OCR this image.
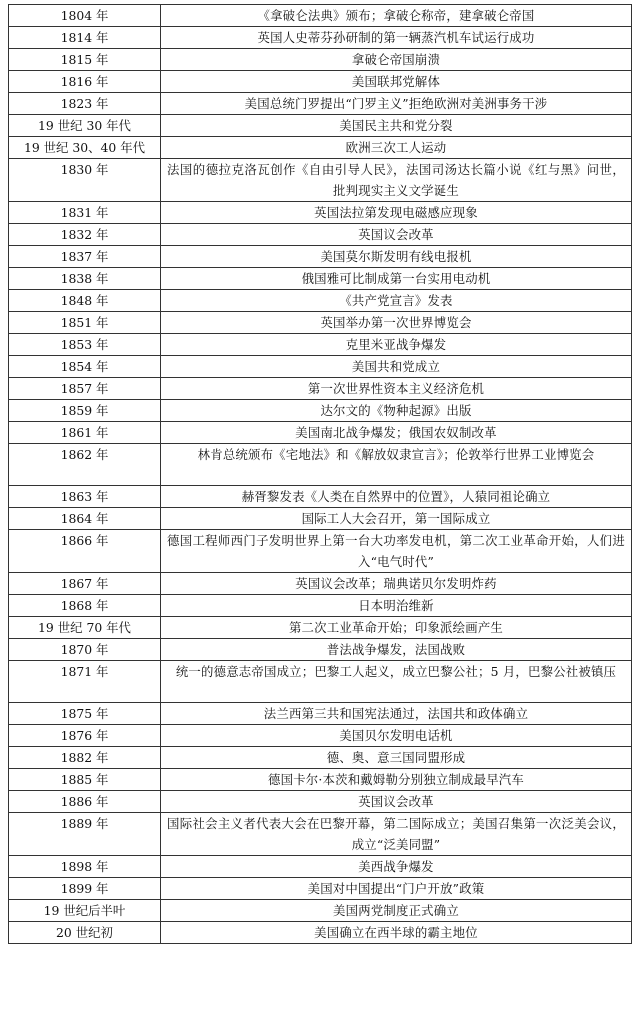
1804 年	《拿破仑法典》颁布；拿破仑称帝，建拿破仑帝国
1814 年	英国人史蒂芬孙研制的第一辆蒸汽机车试运行成功
1815 年	拿破仑帝国崩溃
1816 年	美国联邦党解体
1823 年	美国总统门罗提出“门罗主义”拒绝欧洲对美洲事务干涉
19 世纪 30 年代	美国民主共和党分裂
19 世纪 30、40 年代	欧洲三次工人运动
1830 年	法国的德拉克洛瓦创作《自由引导人民》，法国司汤达长篇小说《红与黑》问世，批判现实主义文学诞生
1831 年	英国法拉第发现电磁感应现象
1832 年	英国议会改革
1837 年	美国莫尔斯发明有线电报机
1838 年	俄国雅可比制成第一台实用电动机
1848 年	《共产党宣言》发表
1851 年	英国举办第一次世界博览会
1853 年	克里米亚战争爆发
1854 年	美国共和党成立
1857 年	第一次世界性资本主义经济危机
1859 年	达尔文的《物种起源》出版
1861 年	美国南北战争爆发；俄国农奴制改革
1862 年	林肯总统颁布《宅地法》和《解放奴隶宣言》；伦敦举行世界工业博览会
1863 年	赫胥黎发表《人类在自然界中的位置》，人猿同祖论确立
1864 年	国际工人大会召开，第一国际成立
1866 年	德国工程师西门子发明世界上第一台大功率发电机，第二次工业革命开始，人们进入“电气时代”
1867 年	英国议会改革；瑞典诺贝尔发明炸药
1868 年	日本明治维新
19 世纪 70 年代	第二次工业革命开始；印象派绘画产生
1870 年	普法战争爆发，法国战败
1871 年	统一的德意志帝国成立；巴黎工人起义，成立巴黎公社；5 月，巴黎公社被镇压
1875 年	法兰西第三共和国宪法通过，法国共和政体确立
1876 年	美国贝尔发明电话机
1882 年	德、奥、意三国同盟形成
1885 年	德国卡尔·本茨和戴姆勒分别独立制成最早汽车
1886 年	英国议会改革
1889 年	国际社会主义者代表大会在巴黎开幕，第二国际成立；美国召集第一次泛美会议，成立“泛美同盟”
1898 年	美西战争爆发
1899 年	美国对中国提出“门户开放”政策
19 世纪后半叶	美国两党制度正式确立
20 世纪初	美国确立在西半球的霸主地位
